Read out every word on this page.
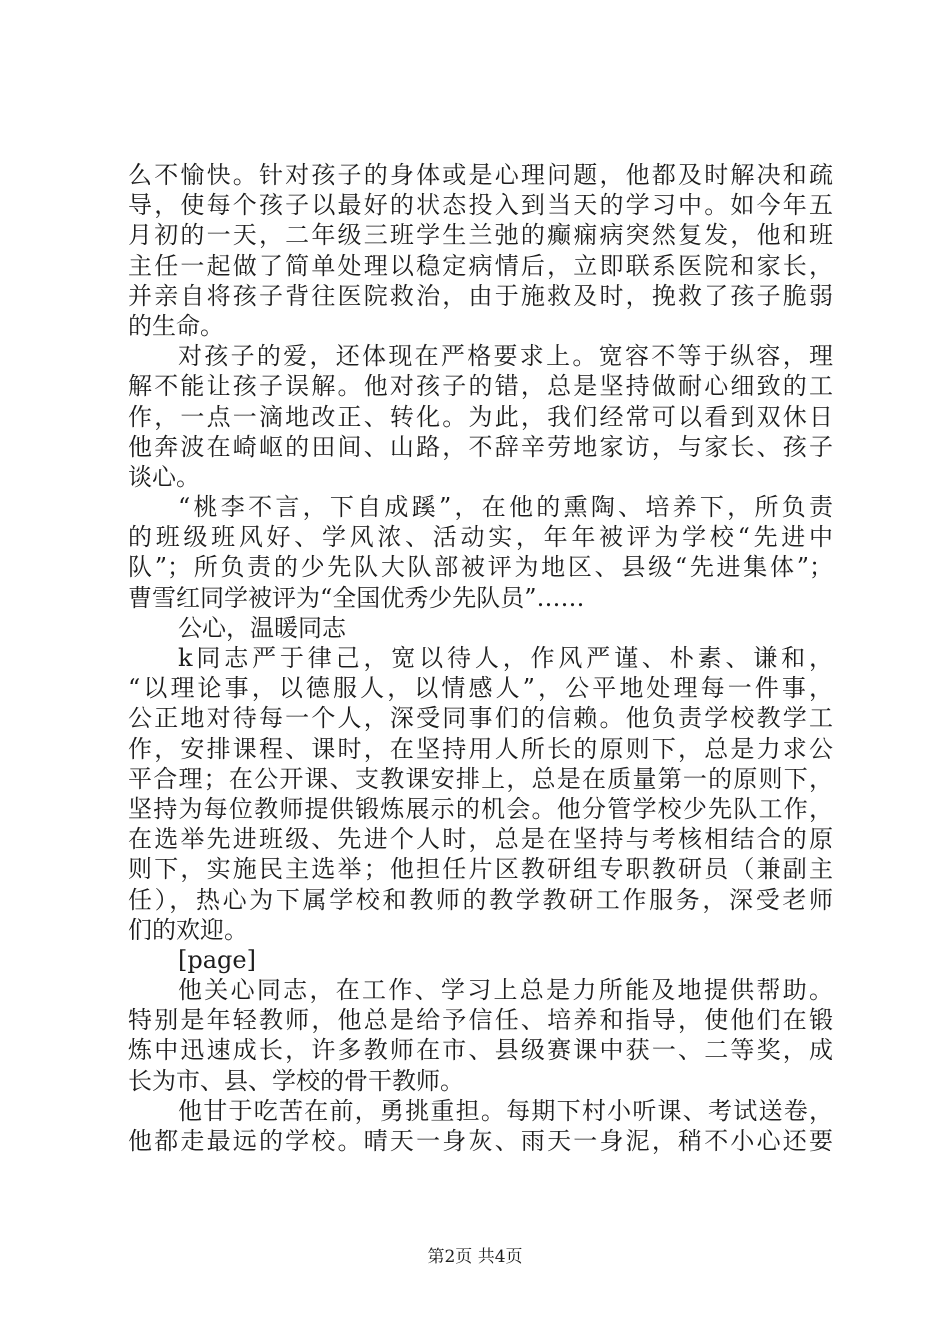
么不愉快。针对孩子的身体或是心理问题，他都及时解决和疏
导，使每个孩子以最好的状态投入到当天的学习中。如今年五
月初的一天，二年级三班学生兰弛的癫痫病突然复发，他和班
主任一起做了简单处理以稳定病情后，立即联系医院和家长，
并亲自将孩子背往医院救治，由于施救及时，挽救了孩子脆弱
的生命。
对孩子的爱，还体现在严格要求上。宽容不等于纵容，理
解不能让孩子误解。他对孩子的错，总是坚持做耐心细致的工
作，一点一滴地改正、转化。为此，我们经常可以看到双休日
他奔波在崎岖的田间、山路，不辞辛劳地家访，与家长、孩子
谈心。
“桃李不言，下自成蹊”，在他的熏陶、培养下，所负责
的班级班风好、学风浓、活动实，年年被评为学校“先进中
队”；所负责的少先队大队部被评为地区、县级“先进集体”；
曹雪红同学被评为“全国优秀少先队员”……
公心，温暖同志
k同志严于律己，宽以待人，作风严谨、朴素、谦和，
“以理论事，以德服人，以情感人”，公平地处理每一件事，
公正地对待每一个人，深受同事们的信赖。他负责学校教学工
作，安排课程、课时，在坚持用人所长的原则下，总是力求公
平合理；在公开课、支教课安排上，总是在质量第一的原则下，
坚持为每位教师提供锻炼展示的机会。他分管学校少先队工作，
在选举先进班级、先进个人时，总是在坚持与考核相结合的原
则下，实施民主选举；他担任片区教研组专职教研员（兼副主
任），热心为下属学校和教师的教学教研工作服务，深受老师
们的欢迎。
[page]
他关心同志，在工作、学习上总是力所能及地提供帮助。
特别是年轻教师，他总是给予信任、培养和指导，使他们在锻
炼中迅速成长，许多教师在市、县级赛课中获一、二等奖，成
长为市、县、学校的骨干教师。
他甘于吃苦在前，勇挑重担。每期下村小听课、考试送卷，
他都走最远的学校。晴天一身灰、雨天一身泥，稍不小心还要
第2页 共4页
